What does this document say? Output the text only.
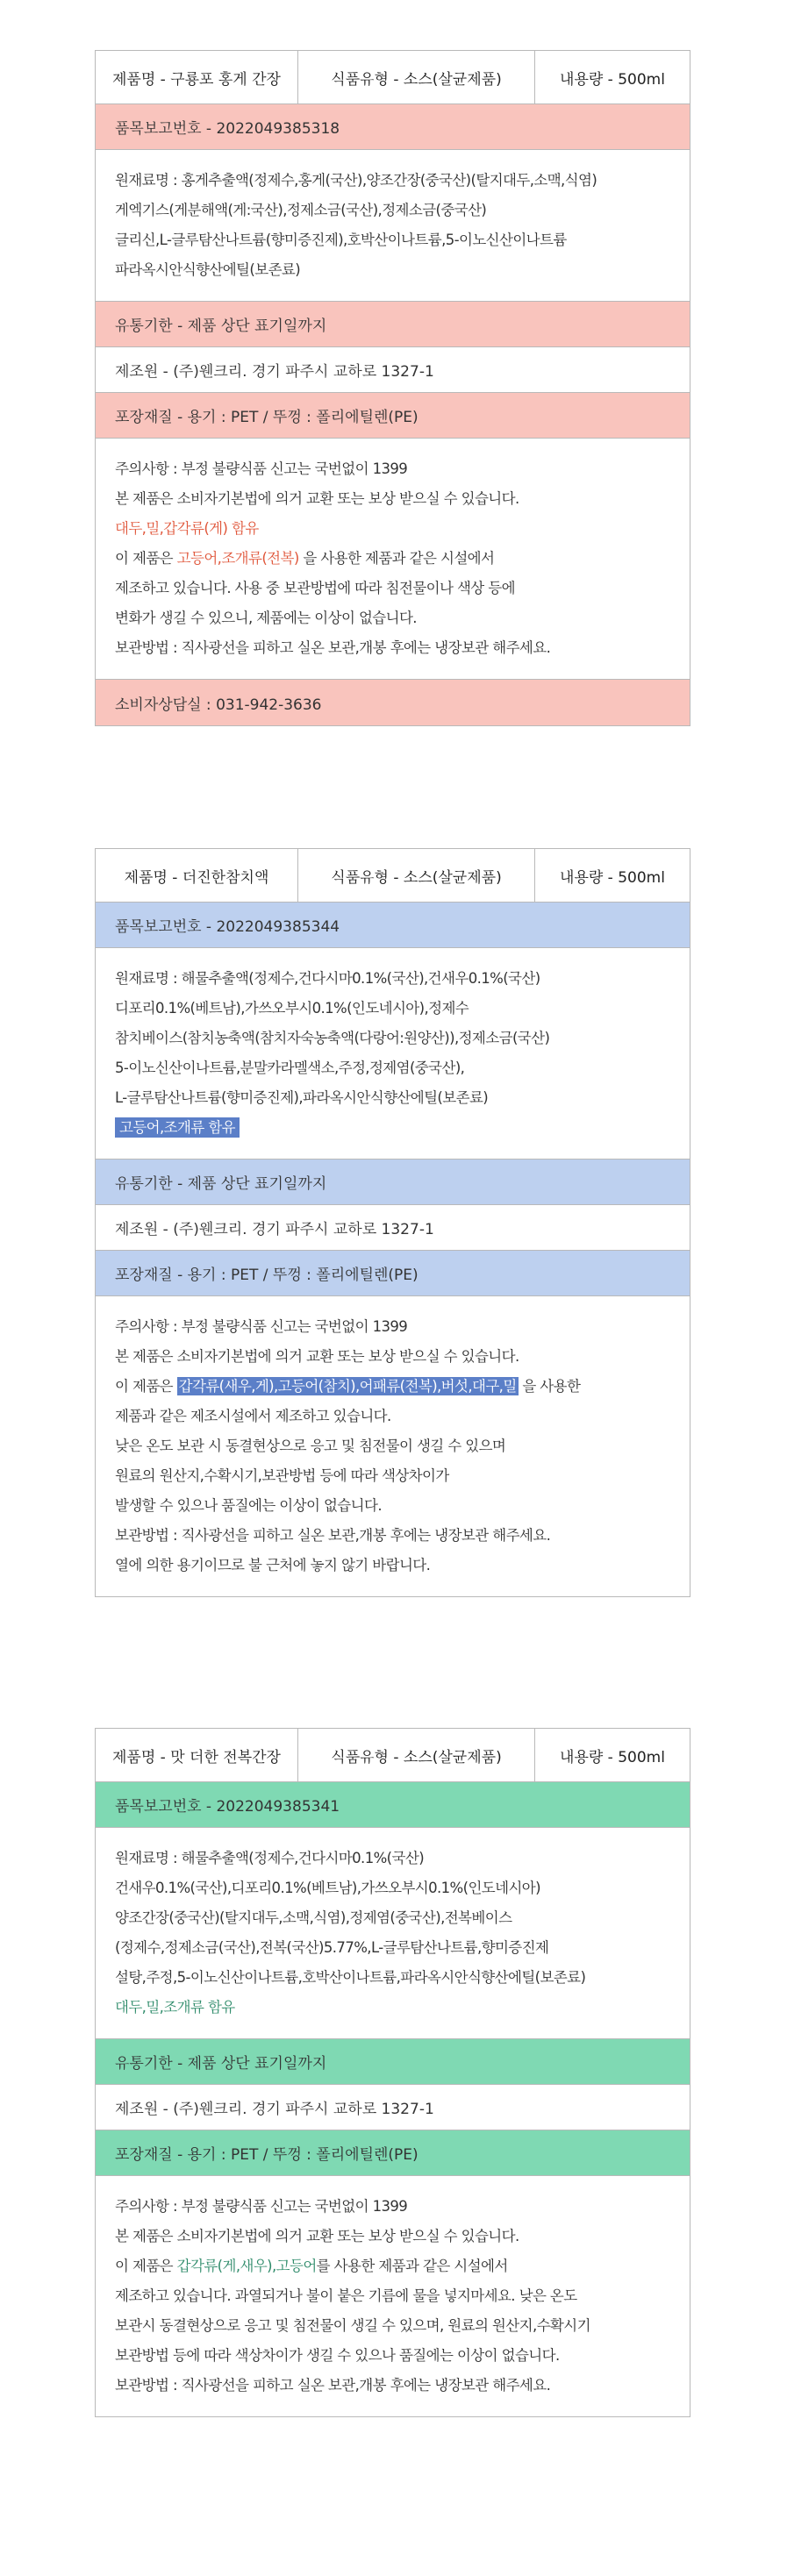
제품명 - 구룡포 홍게 간장	식품유형 - 소스(살균제품)	내용량 - 500ml
품목보고번호 - 2022049385318
원재료명 : 홍게추출액(정제수,홍게(국산),양조간장(중국산)(탈지대두,소맥,식염)
게엑기스(게분해액(게:국산),정제소금(국산),정제소금(중국산)
글리신,L-글루탐산나트륨(향미증진제),호박산이나트륨,5-이노신산이나트륨
파라옥시안식향산에틸(보존료)
유통기한 - 제품 상단 표기일까지
제조원 - (주)웬크리. 경기 파주시 교하로 1327-1
포장재질 - 용기 : PET / 뚜껑 : 폴리에틸렌(PE)
주의사항 : 부정 불량식품 신고는 국번없이 1399
본 제품은 소비자기본법에 의거 교환 또는 보상 받으실 수 있습니다.
대두,밀,갑각류(게) 함유
이 제품은 고등어,조개류(전복) 을 사용한 제품과 같은 시설에서
제조하고 있습니다. 사용 중 보관방법에 따라 침전물이나 색상 등에
변화가 생길 수 있으니, 제품에는 이상이 없습니다.
보관방법 : 직사광선을 피하고 실온 보관,개봉 후에는 냉장보관 해주세요.
소비자상담실 : 031-942-3636
제품명 - 더진한참치액	식품유형 - 소스(살균제품)	내용량 - 500ml
품목보고번호 - 2022049385344
원재료명 : 해물추출액(정제수,건다시마0.1%(국산),건새우0.1%(국산)
디포리0.1%(베트남),가쓰오부시0.1%(인도네시아),정제수
참치베이스(참치농축액(참치자숙농축액(다랑어:원양산)),정제소금(국산)
5-이노신산이나트륨,분말카라멜색소,주정,정제염(중국산),
L-글루탐산나트륨(향미증진제),파라옥시안식향산에틸(보존료)
고등어,조개류 함유
유통기한 - 제품 상단 표기일까지
제조원 - (주)웬크리. 경기 파주시 교하로 1327-1
포장재질 - 용기 : PET / 뚜껑 : 폴리에틸렌(PE)
주의사항 : 부정 불량식품 신고는 국번없이 1399
본 제품은 소비자기본법에 의거 교환 또는 보상 받으실 수 있습니다.
이 제품은 갑각류(새우,게),고등어(참치),어패류(전복),버섯,대구,밀 을 사용한
제품과 같은 제조시설에서 제조하고 있습니다.
낮은 온도 보관 시 동결현상으로 응고 및 침전물이 생길 수 있으며
원료의 원산지,수확시기,보관방법 등에 따라 색상차이가
발생할 수 있으나 품질에는 이상이 없습니다.
보관방법 : 직사광선을 피하고 실온 보관,개봉 후에는 냉장보관 해주세요.
열에 의한 용기이므로 불 근처에 놓지 않기 바랍니다.
제품명 - 맛 더한 전복간장	식품유형 - 소스(살균제품)	내용량 - 500ml
품목보고번호 - 2022049385341
원재료명 : 해물추출액(정제수,건다시마0.1%(국산)
건새우0.1%(국산),디포리0.1%(베트남),가쓰오부시0.1%(인도네시아)
양조간장(중국산)(탈지대두,소맥,식염),정제염(중국산),전복베이스
(정제수,정제소금(국산),전복(국산)5.77%,L-글루탐산나트륨,향미증진제
설탕,주정,5-이노신산이나트륨,호박산이나트륨,파라옥시안식향산에틸(보존료)
대두,밀,조개류 함유
유통기한 - 제품 상단 표기일까지
제조원 - (주)웬크리. 경기 파주시 교하로 1327-1
포장재질 - 용기 : PET / 뚜껑 : 폴리에틸렌(PE)
주의사항 : 부정 불량식품 신고는 국번없이 1399
본 제품은 소비자기본법에 의거 교환 또는 보상 받으실 수 있습니다.
이 제품은 갑각류(게,새우),고등어를 사용한 제품과 같은 시설에서
제조하고 있습니다. 과열되거나 불이 붙은 기름에 물을 넣지마세요. 낮은 온도
보관시 동결현상으로 응고 및 침전물이 생길 수 있으며, 원료의 원산지,수확시기
보관방법 등에 따라 색상차이가 생길 수 있으나 품질에는 이상이 없습니다.
보관방법 : 직사광선을 피하고 실온 보관,개봉 후에는 냉장보관 해주세요.
